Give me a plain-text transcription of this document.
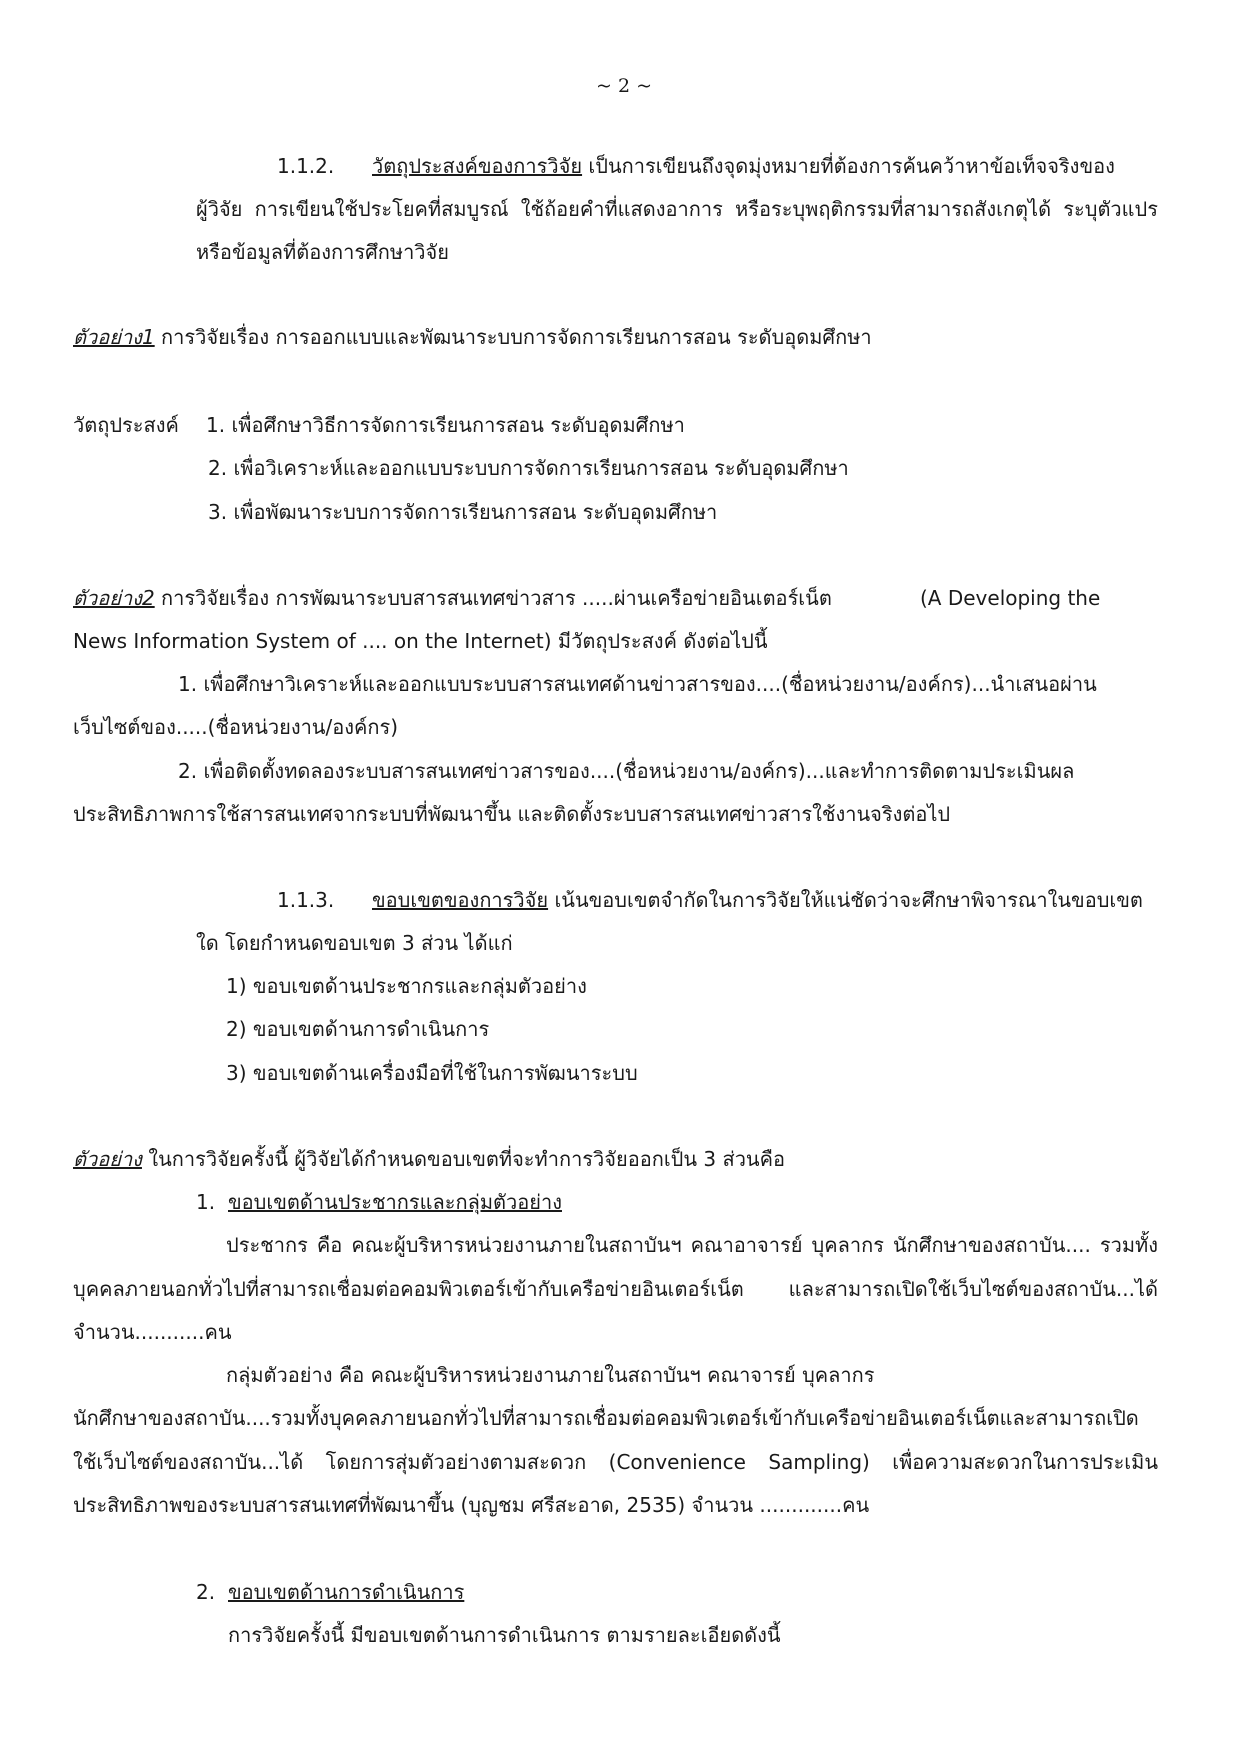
~ 2 ~
1.1.2. วัตถุประสงค์ของการวิจัย เป็นการเขียนถึงจุดมุ่งหมายที่ต้องการค้นคว้าหาข้อเท็จจริงของ
ผู้วิจัย การเขียนใช้ประโยคที่สมบูรณ์ ใช้ถ้อยคำที่แสดงอาการ หรือระบุพฤติกรรมที่สามารถสังเกตุได้ ระบุตัวแปร
หรือข้อมูลที่ต้องการศึกษาวิจัย
ตัวอย่าง1 การวิจัยเรื่อง การออกแบบและพัฒนาระบบการจัดการเรียนการสอน ระดับอุดมศึกษา
วัตถุประสงค์ 1. เพื่อศึกษาวิธีการจัดการเรียนการสอน ระดับอุดมศึกษา
2. เพื่อวิเคราะห์และออกแบบระบบการจัดการเรียนการสอน ระดับอุดมศึกษา
3. เพื่อพัฒนาระบบการจัดการเรียนการสอน ระดับอุดมศึกษา
ตัวอย่าง2 การวิจัยเรื่อง การพัฒนาระบบสารสนเทศข่าวสาร .....ผ่านเครือข่ายอินเตอร์เน็ต	(A Developing the
News Information System of .... on the Internet) มีวัตถุประสงค์ ดังต่อไปนี้
1. เพื่อศึกษาวิเคราะห์และออกแบบระบบสารสนเทศด้านข่าวสารของ....(ชื่อหน่วยงาน/องค์กร)...นำเสนอผ่าน
เว็บไซต์ของ.....(ชื่อหน่วยงาน/องค์กร)
2. เพื่อติดตั้งทดลองระบบสารสนเทศข่าวสารของ....(ชื่อหน่วยงาน/องค์กร)...และทำการติดตามประเมินผล
ประสิทธิภาพการใช้สารสนเทศจากระบบที่พัฒนาขึ้น และติดตั้งระบบสารสนเทศข่าวสารใช้งานจริงต่อไป
1.1.3. ขอบเขตของการวิจัย เน้นขอบเขตจำกัดในการวิจัยให้แน่ชัดว่าจะศึกษาพิจารณาในขอบเขต
ใด โดยกำหนดขอบเขต 3 ส่วน ได้แก่
1) ขอบเขตด้านประชากรและกลุ่มตัวอย่าง
2) ขอบเขตด้านการดำเนินการ
3) ขอบเขตด้านเครื่องมือที่ใช้ในการพัฒนาระบบ
ตัวอย่าง ในการวิจัยครั้งนี้ ผู้วิจัยได้กำหนดขอบเขตที่จะทำการวิจัยออกเป็น 3 ส่วนคือ
1. ขอบเขตด้านประชากรและกลุ่มตัวอย่าง
ประชากร คือ คณะผู้บริหารหน่วยงานภายในสถาบันฯ คณาอาจารย์ บุคลากร นักศึกษาของสถาบัน.... รวมทั้ง
บุคคลภายนอกทั่วไปที่สามารถเชื่อมต่อคอมพิวเตอร์เข้ากับเครือข่ายอินเตอร์เน็ต และสามารถเปิดใช้เว็บไซต์ของสถาบัน...ได้
จำนวน...........คน
กลุ่มตัวอย่าง คือ คณะผู้บริหารหน่วยงานภายในสถาบันฯ คณาจารย์ บุคลากร
นักศึกษาของสถาบัน....รวมทั้งบุคคลภายนอกทั่วไปที่สามารถเชื่อมต่อคอมพิวเตอร์เข้ากับเครือข่ายอินเตอร์เน็ตและสามารถเปิด
ใช้เว็บไซต์ของสถาบัน...ได้ โดยการสุ่มตัวอย่างตามสะดวก (Convenience Sampling) เพื่อความสะดวกในการประเมิน
ประสิทธิภาพของระบบสารสนเทศที่พัฒนาขึ้น (บุญชม ศรีสะอาด, 2535) จำนวน .............คน
2. ขอบเขตด้านการดำเนินการ
การวิจัยครั้งนี้ มีขอบเขตด้านการดำเนินการ ตามรายละเอียดดังนี้
